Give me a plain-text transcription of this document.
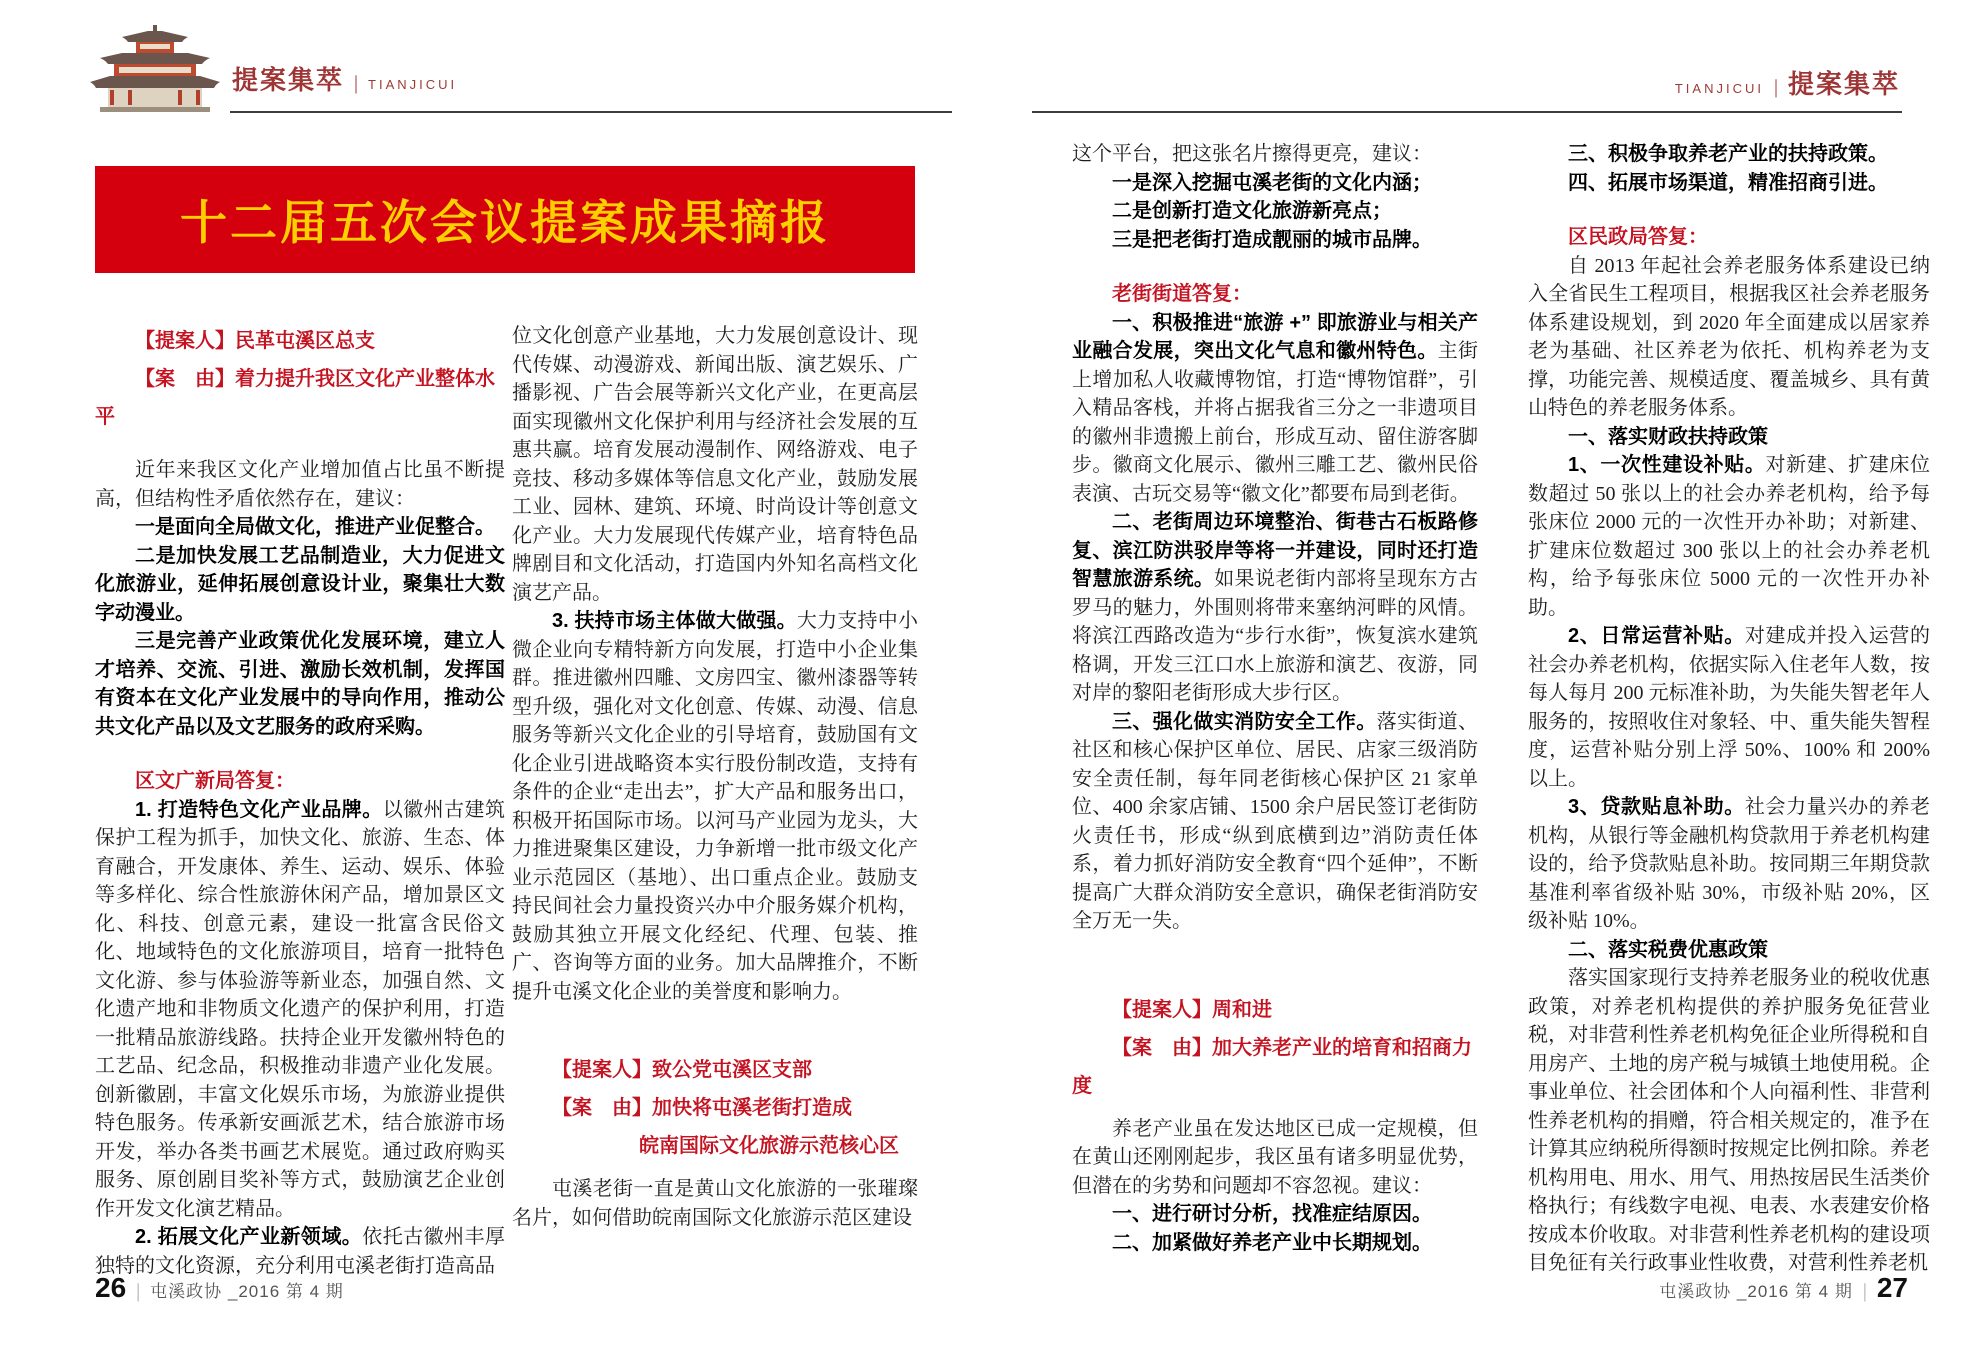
提案集萃 | TIANJICUI	TIANJICUI | 提案集萃
十二届五次会议提案成果摘报

【提案人】民革屯溪区总支

【案　由】着力提升我区文化产业整体水平

近年来我区文化产业增加值占比虽不断提高，但结构性矛盾依然存在，建议：

一是面向全局做文化，推进产业促整合。

二是加快发展工艺品制造业，大力促进文化旅游业，延伸拓展创意设计业，聚集壮大数字动漫业。

三是完善产业政策优化发展环境，建立人才培养、交流、引进、激励长效机制，发挥国有资本在文化产业发展中的导向作用，推动公共文化产品以及文艺服务的政府采购。

区文广新局答复：

1. 打造特色文化产业品牌。以徽州古建筑保护工程为抓手，加快文化、旅游、生态、体育融合，开发康体、养生、运动、娱乐、体验等多样化、综合性旅游休闲产品，增加景区文化、科技、创意元素，建设一批富含民俗文化、地域特色的文化旅游项目，培育一批特色文化游、参与体验游等新业态，加强自然、文化遗产地和非物质文化遗产的保护利用，打造一批精品旅游线路。扶持企业开发徽州特色的工艺品、纪念品，积极推动非遗产业化发展。创新徽剧，丰富文化娱乐市场，为旅游业提供特色服务。传承新安画派艺术，结合旅游市场开发，举办各类书画艺术展览。通过政府购买服务、原创剧目奖补等方式，鼓励演艺企业创作开发文化演艺精品。

2. 拓展文化产业新领域。依托古徽州丰厚独特的文化资源，充分利用屯溪老街打造高品

位文化创意产业基地，大力发展创意设计、现代传媒、动漫游戏、新闻出版、演艺娱乐、广播影视、广告会展等新兴文化产业，在更高层面实现徽州文化保护利用与经济社会发展的互惠共赢。培育发展动漫制作、网络游戏、电子竞技、移动多媒体等信息文化产业，鼓励发展工业、园林、建筑、环境、时尚设计等创意文化产业。大力发展现代传媒产业，培育特色品牌剧目和文化活动，打造国内外知名高档文化演艺产品。

3. 扶持市场主体做大做强。大力支持中小微企业向专精特新方向发展，打造中小企业集群。推进徽州四雕、文房四宝、徽州漆器等转型升级，强化对文化创意、传媒、动漫、信息服务等新兴文化企业的引导培育，鼓励国有文化企业引进战略资本实行股份制改造，支持有条件的企业“走出去”，扩大产品和服务出口，积极开拓国际市场。以河马产业园为龙头，大力推进聚集区建设，力争新增一批市级文化产业示范园区（基地）、出口重点企业。鼓励支持民间社会力量投资兴办中介服务媒介机构，鼓励其独立开展文化经纪、代理、包装、推广、咨询等方面的业务。加大品牌推介，不断提升屯溪文化企业的美誉度和影响力。

【提案人】致公党屯溪区支部

【案　由】加快将屯溪老街打造成

皖南国际文化旅游示范核心区

屯溪老街一直是黄山文化旅游的一张璀璨名片，如何借助皖南国际文化旅游示范区建设

这个平台，把这张名片擦得更亮，建议：

一是深入挖掘屯溪老街的文化内涵；

二是创新打造文化旅游新亮点；

三是把老街打造成靓丽的城市品牌。

老街街道答复：

一、积极推进“旅游 +” 即旅游业与相关产业融合发展，突出文化气息和徽州特色。主街上增加私人收藏博物馆，打造“博物馆群”，引入精品客栈，并将占据我省三分之一非遗项目的徽州非遗搬上前台，形成互动、留住游客脚步。徽商文化展示、徽州三雕工艺、徽州民俗表演、古玩交易等“徽文化”都要布局到老街。

二、老街周边环境整治、街巷古石板路修复、滨江防洪驳岸等将一并建设，同时还打造智慧旅游系统。如果说老街内部将呈现东方古罗马的魅力，外围则将带来塞纳河畔的风情。将滨江西路改造为“步行水街”，恢复滨水建筑格调，开发三江口水上旅游和演艺、夜游，同对岸的黎阳老街形成大步行区。

三、强化做实消防安全工作。落实街道、社区和核心保护区单位、居民、店家三级消防安全责任制，每年同老街核心保护区 21 家单位、400 余家店铺、1500 余户居民签订老街防火责任书，形成“纵到底横到边”消防责任体系，着力抓好消防安全教育“四个延伸”，不断提高广大群众消防安全意识，确保老街消防安全万无一失。

【提案人】周和进

【案　由】加大养老产业的培育和招商力度

养老产业虽在发达地区已成一定规模，但在黄山还刚刚起步，我区虽有诸多明显优势，但潜在的劣势和问题却不容忽视。建议：

一、进行研讨分析，找准症结原因。

二、加紧做好养老产业中长期规划。

三、积极争取养老产业的扶持政策。

四、拓展市场渠道，精准招商引进。

区民政局答复：

自 2013 年起社会养老服务体系建设已纳入全省民生工程项目，根据我区社会养老服务体系建设规划，到 2020 年全面建成以居家养老为基础、社区养老为依托、机构养老为支撑，功能完善、规模适度、覆盖城乡、具有黄山特色的养老服务体系。

一、落实财政扶持政策

1、一次性建设补贴。对新建、扩建床位数超过 50 张以上的社会办养老机构，给予每张床位 2000 元的一次性开办补助；对新建、扩建床位数超过 300 张以上的社会办养老机构，给予每张床位 5000 元的一次性开办补助。

2、日常运营补贴。对建成并投入运营的社会办养老机构，依据实际入住老年人数，按每人每月 200 元标准补助，为失能失智老年人服务的，按照收住对象轻、中、重失能失智程度，运营补贴分别上浮 50%、100% 和 200% 以上。

3、贷款贴息补助。社会力量兴办的养老机构，从银行等金融机构贷款用于养老机构建设的，给予贷款贴息补助。按同期三年期贷款基准利率省级补贴 30%，市级补贴 20%，区级补贴 10%。

二、落实税费优惠政策

落实国家现行支持养老服务业的税收优惠政策，对养老机构提供的养护服务免征营业税，对非营利性养老机构免征企业所得税和自用房产、土地的房产税与城镇土地使用税。企事业单位、社会团体和个人向福利性、非营利性养老机构的捐赠，符合相关规定的，准予在计算其应纳税所得额时按规定比例扣除。养老机构用电、用水、用气、用热按居民生活类价格执行；有线数字电视、电表、水表建安价格按成本价收取。对非营利性养老机构的建设项目免征有关行政事业性收费，对营利性养老机

26 | 屯溪政协 _2016 第 4 期	屯溪政协 _2016 第 4 期 | 27
